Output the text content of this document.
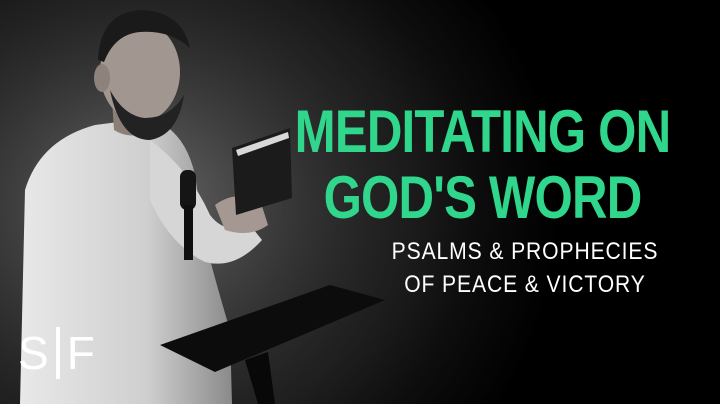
MEDITATING ON
GOD'S WORD
PSALMS & PROPHECIES
OF PEACE & VICTORY
S F
